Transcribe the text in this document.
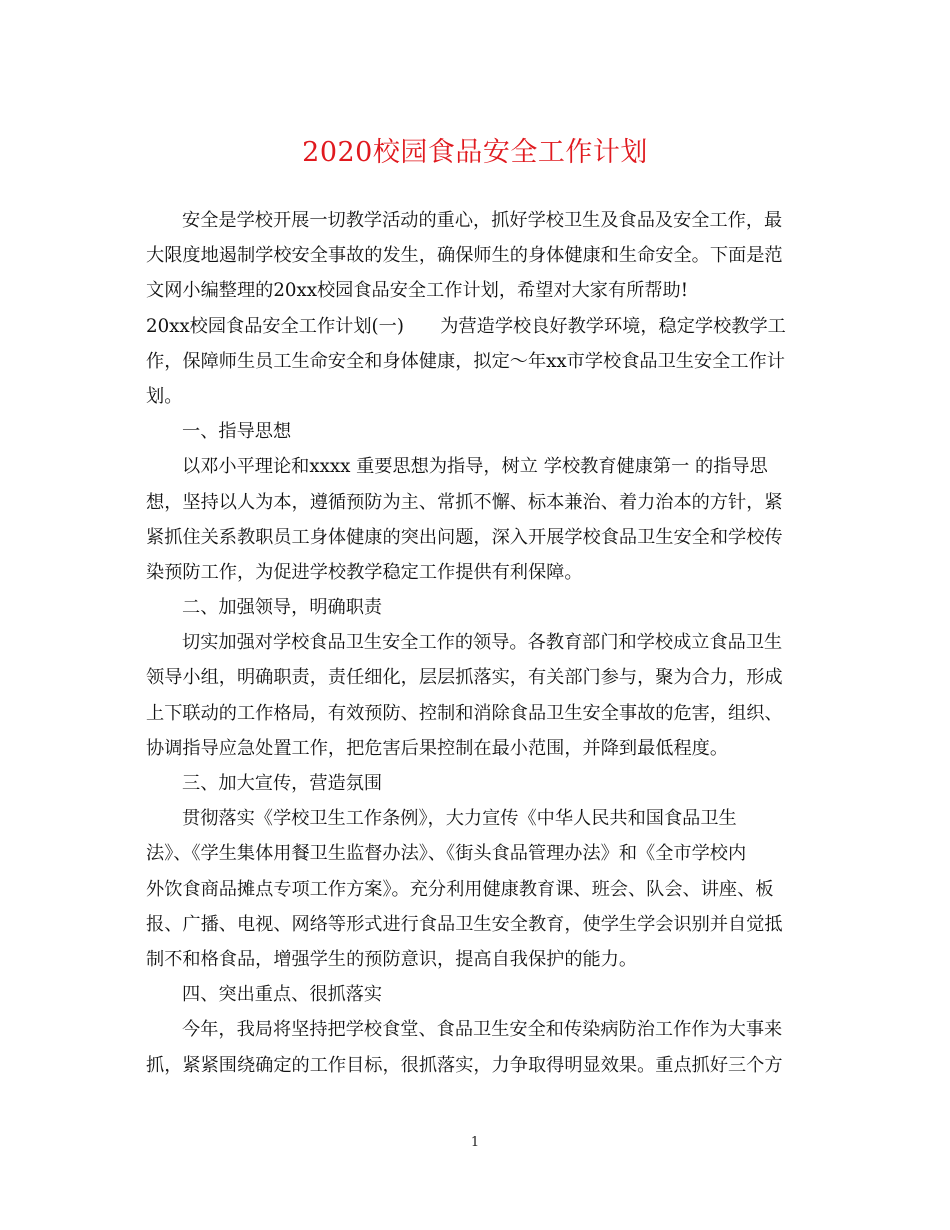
2020校园食品安全工作计划
安全是学校开展一切教学活动的重心，抓好学校卫生及食品及安全工作，最
大限度地遏制学校安全事故的发生，确保师生的身体健康和生命安全。下面是范
文网小编整理的20xx校园食品安全工作计划，希望对大家有所帮助!
20xx校园食品安全工作计划(一)　　为营造学校良好教学环境，稳定学校教学工
作，保障师生员工生命安全和身体健康，拟定～年xx市学校食品卫生安全工作计
划。
一、指导思想
以邓小平理论和xxxx 重要思想为指导，树立 学校教育健康第一 的指导思
想，坚持以人为本，遵循预防为主、常抓不懈、标本兼治、着力治本的方针，紧
紧抓住关系教职员工身体健康的突出问题，深入开展学校食品卫生安全和学校传
染预防工作，为促进学校教学稳定工作提供有利保障。
二、加强领导，明确职责
切实加强对学校食品卫生安全工作的领导。各教育部门和学校成立食品卫生
领导小组，明确职责，责任细化，层层抓落实，有关部门参与，聚为合力，形成
上下联动的工作格局，有效预防、控制和消除食品卫生安全事故的危害，组织、
协调指导应急处置工作，把危害后果控制在最小范围，并降到最低程度。
三、加大宣传，营造氛围
贯彻落实《学校卫生工作条例》，大力宣传《中华人民共和国食品卫生
法》、《学生集体用餐卫生监督办法》、《街头食品管理办法》和《全市学校内
外饮食商品摊点专项工作方案》。充分利用健康教育课、班会、队会、讲座、板
报、广播、电视、网络等形式进行食品卫生安全教育，使学生学会识别并自觉抵
制不和格食品，增强学生的预防意识，提高自我保护的能力。
四、突出重点、很抓落实
今年，我局将坚持把学校食堂、食品卫生安全和传染病防治工作作为大事来
抓，紧紧围绕确定的工作目标，很抓落实，力争取得明显效果。重点抓好三个方
1
